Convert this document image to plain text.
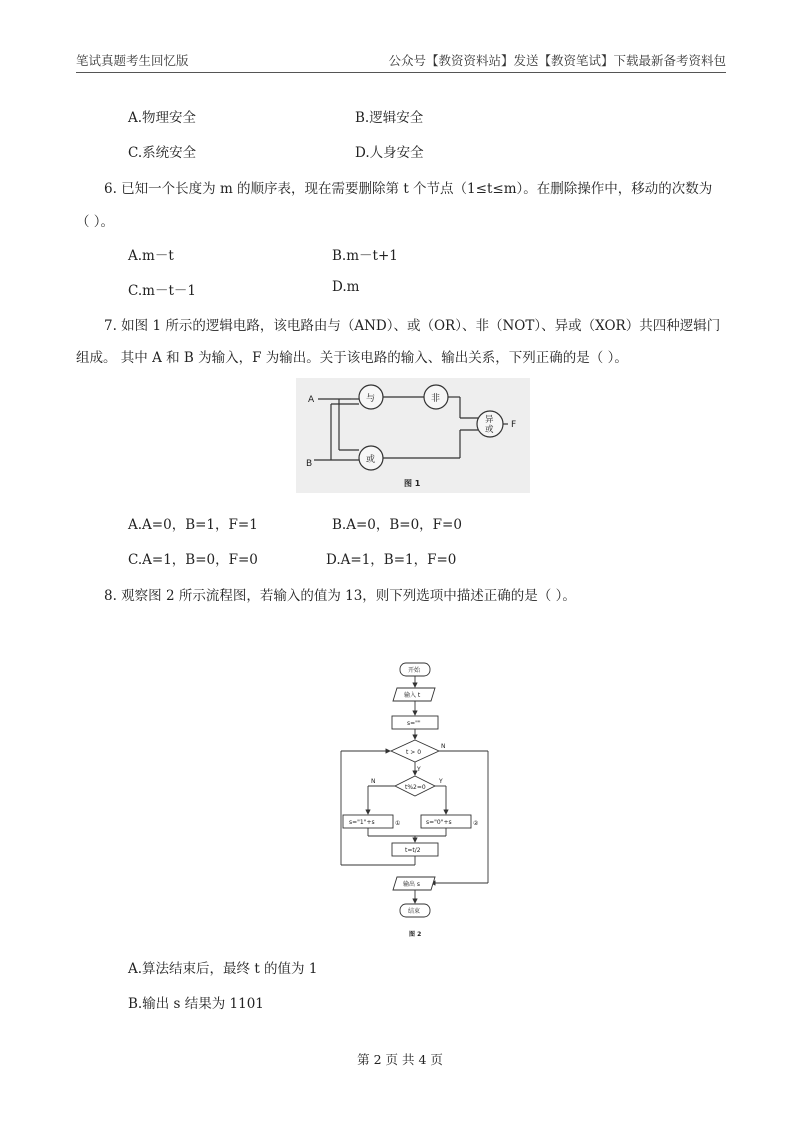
笔试真题考生回忆版	公众号【教资资料站】发送【教资笔试】下载最新备考资料包
A.物理安全	B.逻辑安全
C.系统安全	D.人身安全
6. 已知一个长度为 m 的顺序表，现在需要删除第 t 个节点（1≤t≤m）。在删除操作中，移动的次数为
（ ）。
A.m－t	B.m－t+1
C.m－t－1	D.m
7. 如图 1 所示的逻辑电路，该电路由与（AND）、或（OR）、非（NOT）、异或（XOR）共四种逻辑门
组成。 其中 A 和 B 为输入，F 为输出。关于该电路的输入、输出关系，下列正确的是（ ）。
A
B
F
与	非
或
异
或
图 1
A.A=0，B=1，F=1	B.A=0，B=0，F=0
C.A=1，B=0，F=0	D.A=1，B=1，F=0
8. 观察图 2 所示流程图，若输入的值为 13，则下列选项中描述正确的是（ ）。
开始
输入 t
s=""
t > 0
t%2=0
s="1"+s	s="0"+s
①	②
t=t/2
输出 s
结束
Y
N
N	Y
图 2
A.算法结束后，最终 t 的值为 1
B.输出 s 结果为 1101
第 2 页 共 4 页
